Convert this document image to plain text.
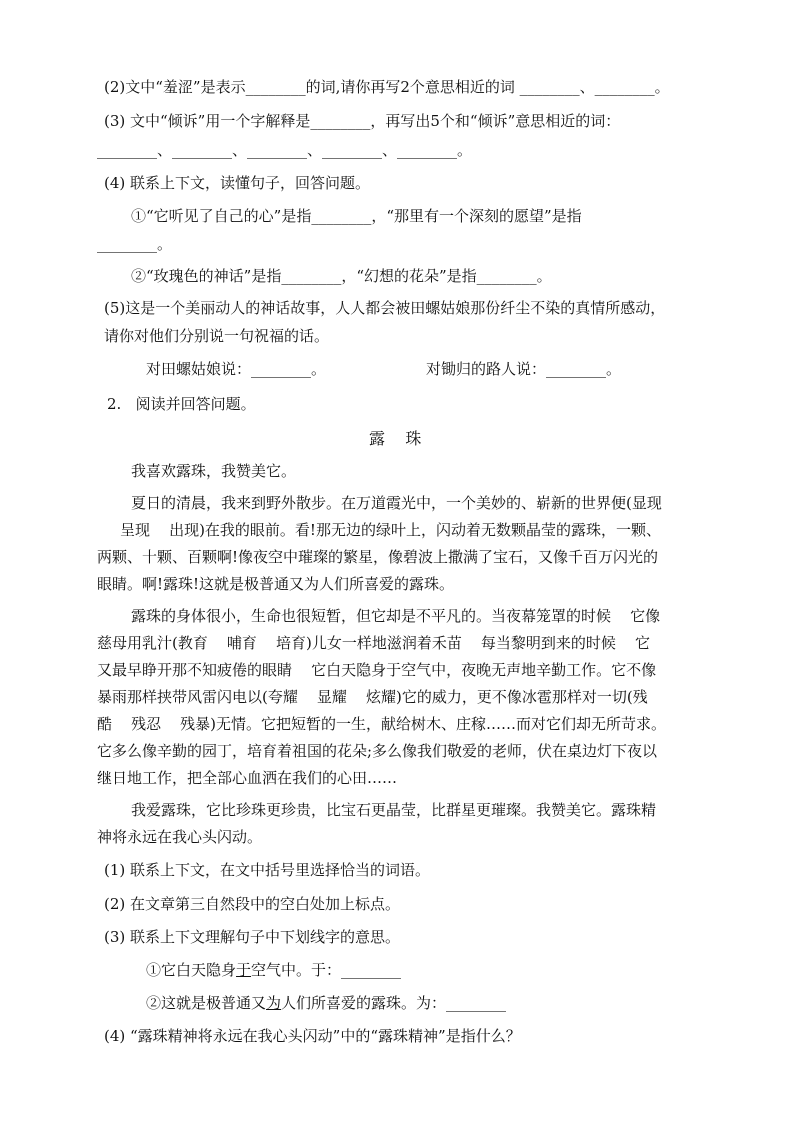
(2)文中“羞涩”是表示________的词,请你再写2个意思相近的词 ________、________。
(3) 文中“倾诉”用一个字解释是________，再写出5个和“倾诉”意思相近的词：
________、________、________、________、________。
(4) 联系上下文，读懂句子，回答问题。
①“它听见了自己的心”是指________，“那里有一个深刻的愿望”是指
________。
②“玫瑰色的神话”是指________，“幻想的花朵”是指________。
(5)这是一个美丽动人的神话故事，人人都会被田螺姑娘那份纤尘不染的真情所感动，
请你对他们分别说一句祝福的话。
对田螺姑娘说：________。	对锄归的路人说：________。
2.   阅读并回答问题。
露    珠
我喜欢露珠，我赞美它。
夏日的清晨，我来到野外散步。在万道霞光中，一个美妙的、崭新的世界便(显现
呈现    出现)在我的眼前。看!那无边的绿叶上，闪动着无数颗晶莹的露珠，一颗、
两颗、十颗、百颗啊!像夜空中璀璨的繁星，像碧波上撒满了宝石，又像千百万闪光的
眼睛。啊!露珠!这就是极普通又为人们所喜爱的露珠。
露珠的身体很小，生命也很短暂，但它却是不平凡的。当夜幕笼罩的时候    它像
慈母用乳汁(教育    哺育    培育)儿女一样地滋润着禾苗    每当黎明到来的时候    它
又最早睁开那不知疲倦的眼睛    它白天隐身于空气中，夜晚无声地辛勤工作。它不像
暴雨那样挟带风雷闪电以(夸耀    显耀    炫耀)它的威力，更不像冰雹那样对一切(残
酷    残忍    残暴)无情。它把短暂的一生，献给树木、庄稼……而对它们却无所苛求。
它多么像辛勤的园丁，培育着祖国的花朵;多么像我们敬爱的老师，伏在桌边灯下夜以
继日地工作，把全部心血洒在我们的心田……
我爱露珠，它比珍珠更珍贵，比宝石更晶莹，比群星更璀璨。我赞美它。露珠精
神将永远在我心头闪动。
(1) 联系上下文，在文中括号里选择恰当的词语。
(2) 在文章第三自然段中的空白处加上标点。
(3) 联系上下文理解句子中下划线字的意思。
①它白天隐身于空气中。于：________
②这就是极普通又为人们所喜爱的露珠。为：________
(4) “露珠精神将永远在我心头闪动”中的“露珠精神”是指什么？
